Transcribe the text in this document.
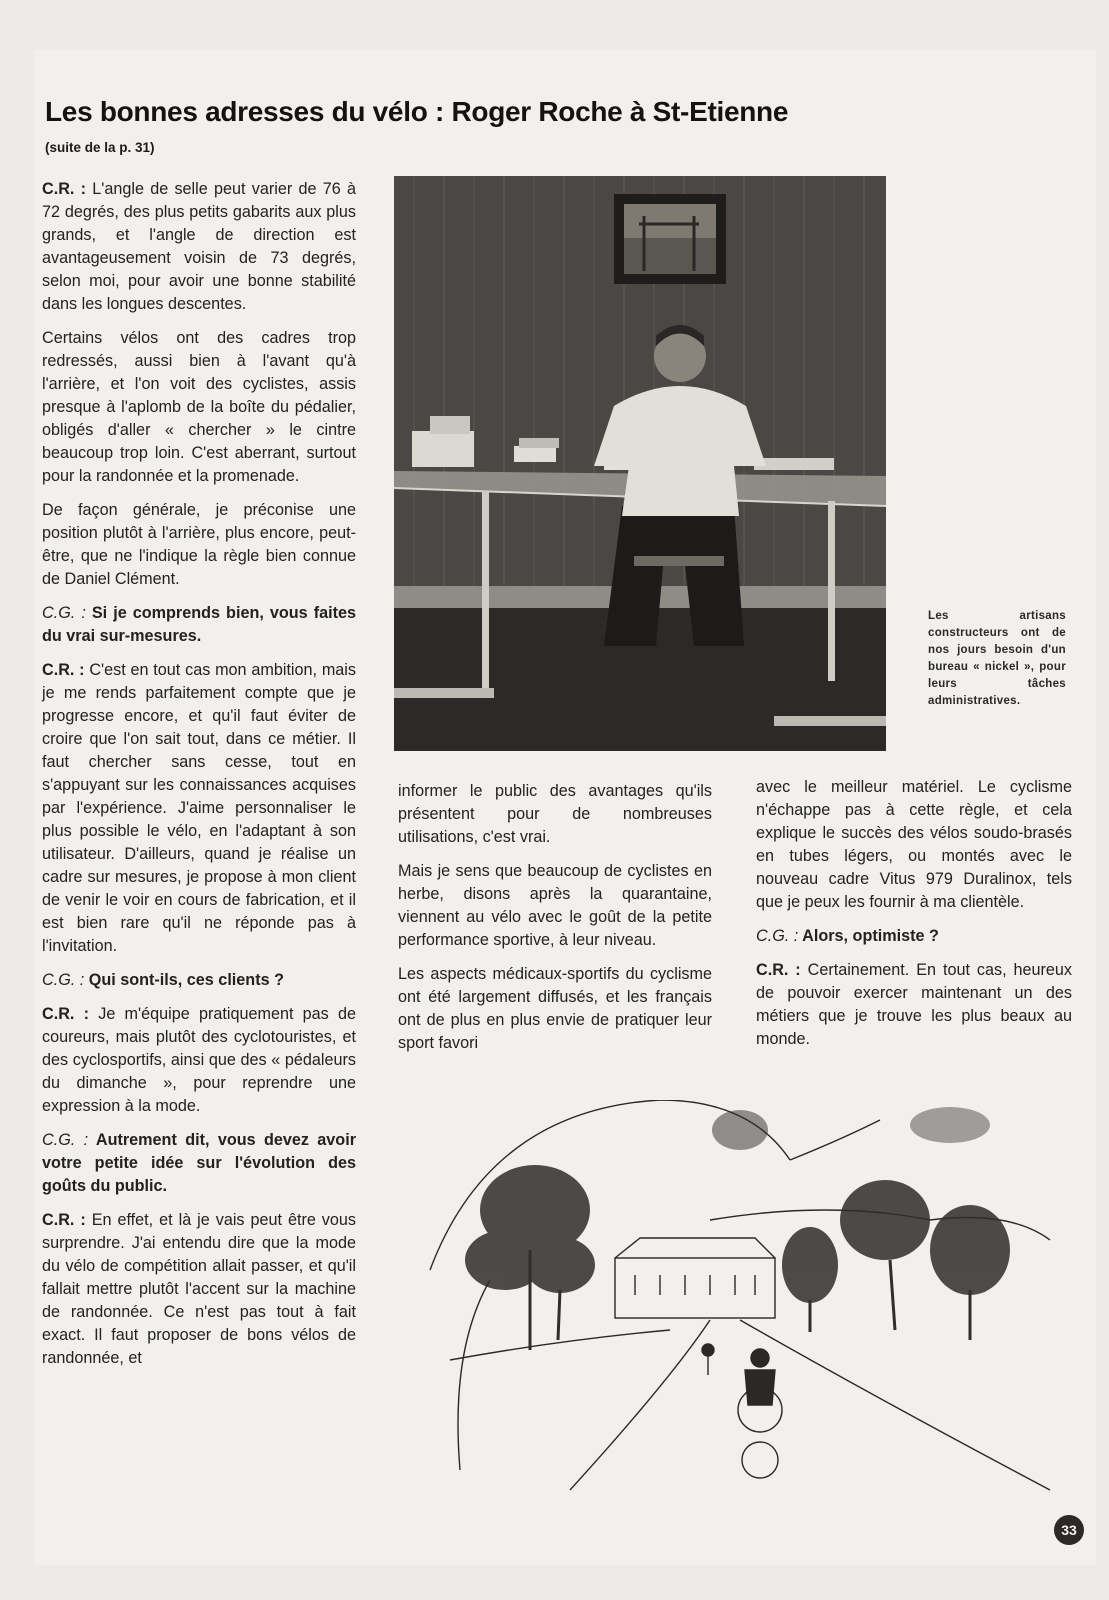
Les bonnes adresses du vélo : Roger Roche à St-Etienne
(suite de la p. 31)

C.R. : L'angle de selle peut varier de 76 à 72 degrés, des plus petits gabarits aux plus grands, et l'angle de direction est avantageusement voisin de 73 degrés, selon moi, pour avoir une bonne stabilité dans les longues descentes.

Certains vélos ont des cadres trop redressés, aussi bien à l'avant qu'à l'arrière, et l'on voit des cyclistes, assis presque à l'aplomb de la boîte du pédalier, obligés d'aller « chercher » le cintre beaucoup trop loin. C'est aberrant, surtout pour la randonnée et la promenade.

De façon générale, je préconise une position plutôt à l'arrière, plus encore, peut-être, que ne l'indique la règle bien connue de Daniel Clément.

C.G. : Si je comprends bien, vous faites du vrai sur-mesures.

C.R. : C'est en tout cas mon ambition, mais je me rends parfaitement compte que je progresse encore, et qu'il faut éviter de croire que l'on sait tout, dans ce métier. Il faut chercher sans cesse, tout en s'appuyant sur les connaissances acquises par l'expérience. J'aime personnaliser le plus possible le vélo, en l'adaptant à son utilisateur. D'ailleurs, quand je réalise un cadre sur mesures, je propose à mon client de venir le voir en cours de fabrication, et il est bien rare qu'il ne réponde pas à l'invitation.

C.G. : Qui sont-ils, ces clients ?

C.R. : Je m'équipe pratiquement pas de coureurs, mais plutôt des cyclotouristes, et des cyclosportifs, ainsi que des « pédaleurs du dimanche », pour reprendre une expression à la mode.

C.G. : Autrement dit, vous devez avoir votre petite idée sur l'évolution des goûts du public.

C.R. : En effet, et là je vais peut être vous surprendre. J'ai entendu dire que la mode du vélo de compétition allait passer, et qu'il fallait mettre plutôt l'accent sur la machine de randonnée. Ce n'est pas tout à fait exact. Il faut proposer de bons vélos de randonnée, et

Les artisans constructeurs ont de nos jours besoin d'un bureau « nickel », pour leurs tâches administratives.

informer le public des avantages qu'ils présentent pour de nombreuses utilisations, c'est vrai.

Mais je sens que beaucoup de cyclistes en herbe, disons après la quarantaine, viennent au vélo avec le goût de la petite performance sportive, à leur niveau.

Les aspects médicaux-sportifs du cyclisme ont été largement diffusés, et les français ont de plus en plus envie de pratiquer leur sport favori

avec le meilleur matériel. Le cyclisme n'échappe pas à cette règle, et cela explique le succès des vélos soudo-brasés en tubes légers, ou montés avec le nouveau cadre Vitus 979 Duralinox, tels que je peux les fournir à ma clientèle.

C.G. : Alors, optimiste ?

C.R. : Certainement. En tout cas, heureux de pouvoir exercer maintenant un des métiers que je trouve les plus beaux au monde.

33
